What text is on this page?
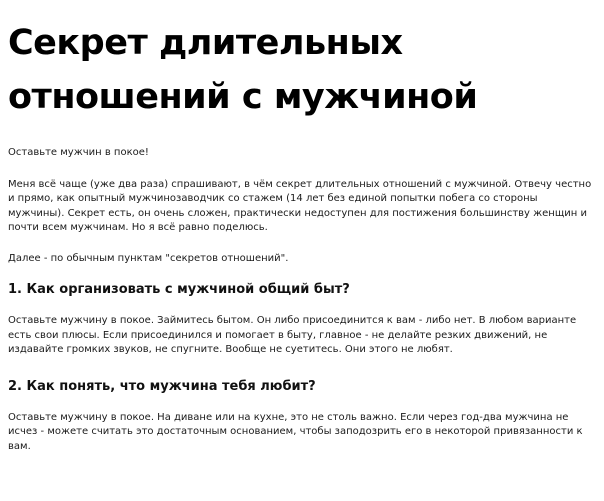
Секрет длительных
отношений с мужчиной

Оставьте мужчин в покое!

Меня всё чаще (уже два раза) спрашивают, в чём секрет длительных отношений с мужчиной. Отвечу честно и прямо, как опытный мужчинозаводчик со стажем (14 лет без единой попытки побега со стороны мужчины). Секрет есть, он очень сложен, практически недоступен для постижения большинству женщин и почти всем мужчинам. Но я всё равно поделюсь.

Далее - по обычным пунктам "секретов отношений".

1. Как организовать с мужчиной общий быт?

Оставьте мужчину в покое. Займитесь бытом. Он либо присоединится к вам - либо нет. В любом варианте есть свои плюсы. Если присоединился и помогает в быту, главное - не делайте резких движений, не издавайте громких звуков, не спугните. Вообще не суетитесь. Они этого не любят.

2. Как понять, что мужчина тебя любит?

Оставьте мужчину в покое. На диване или на кухне, это не столь важно. Если через год-два мужчина не исчез - можете считать это достаточным основанием, чтобы заподозрить его в некоторой привязанности к вам.
